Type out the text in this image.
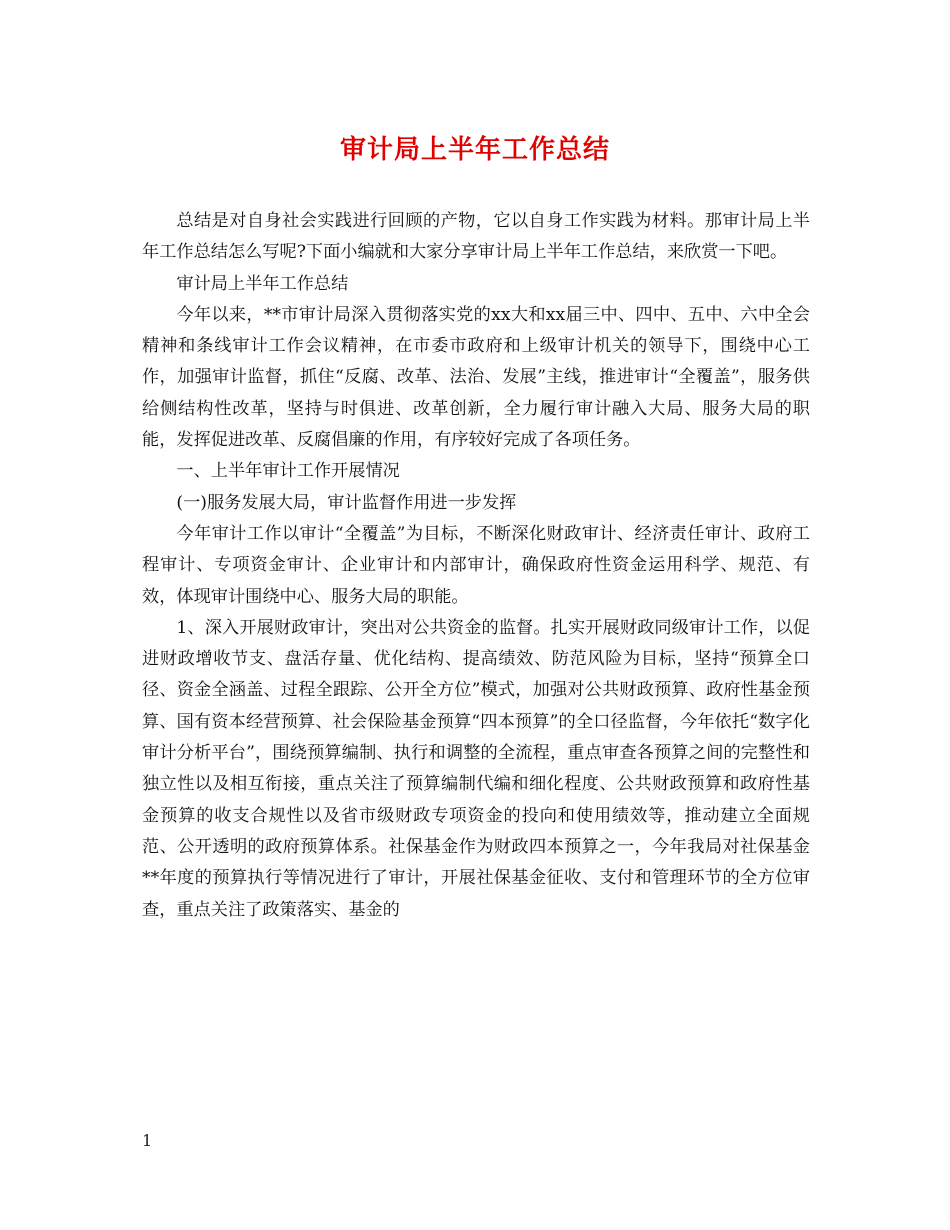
审计局上半年工作总结

总结是对自身社会实践进行回顾的产物，它以自身工作实践为材料。那审计局上半年工作总结怎么写呢?下面小编就和大家分享审计局上半年工作总结，来欣赏一下吧。

审计局上半年工作总结

今年以来，**市审计局深入贯彻落实党的xx大和xx届三中、四中、五中、六中全会精神和条线审计工作会议精神，在市委市政府和上级审计机关的领导下，围绕中心工作，加强审计监督，抓住“反腐、改革、法治、发展”主线，推进审计“全覆盖”，服务供给侧结构性改革，坚持与时俱进、改革创新，全力履行审计融入大局、服务大局的职能，发挥促进改革、反腐倡廉的作用，有序较好完成了各项任务。

一、上半年审计工作开展情况

(一)服务发展大局，审计监督作用进一步发挥

今年审计工作以审计“全覆盖”为目标，不断深化财政审计、经济责任审计、政府工程审计、专项资金审计、企业审计和内部审计，确保政府性资金运用科学、规范、有效，体现审计围绕中心、服务大局的职能。

1、深入开展财政审计，突出对公共资金的监督。扎实开展财政同级审计工作，以促进财政增收节支、盘活存量、优化结构、提高绩效、防范风险为目标，坚持“预算全口径、资金全涵盖、过程全跟踪、公开全方位”模式，加强对公共财政预算、政府性基金预算、国有资本经营预算、社会保险基金预算“四本预算”的全口径监督，今年依托“数字化审计分析平台”，围绕预算编制、执行和调整的全流程，重点审查各预算之间的完整性和独立性以及相互衔接，重点关注了预算编制代编和细化程度、公共财政预算和政府性基金预算的收支合规性以及省市级财政专项资金的投向和使用绩效等，推动建立全面规范、公开透明的政府预算体系。社保基金作为财政四本预算之一，今年我局对社保基金**年度的预算执行等情况进行了审计，开展社保基金征收、支付和管理环节的全方位审查，重点关注了政策落实、基金的

1
